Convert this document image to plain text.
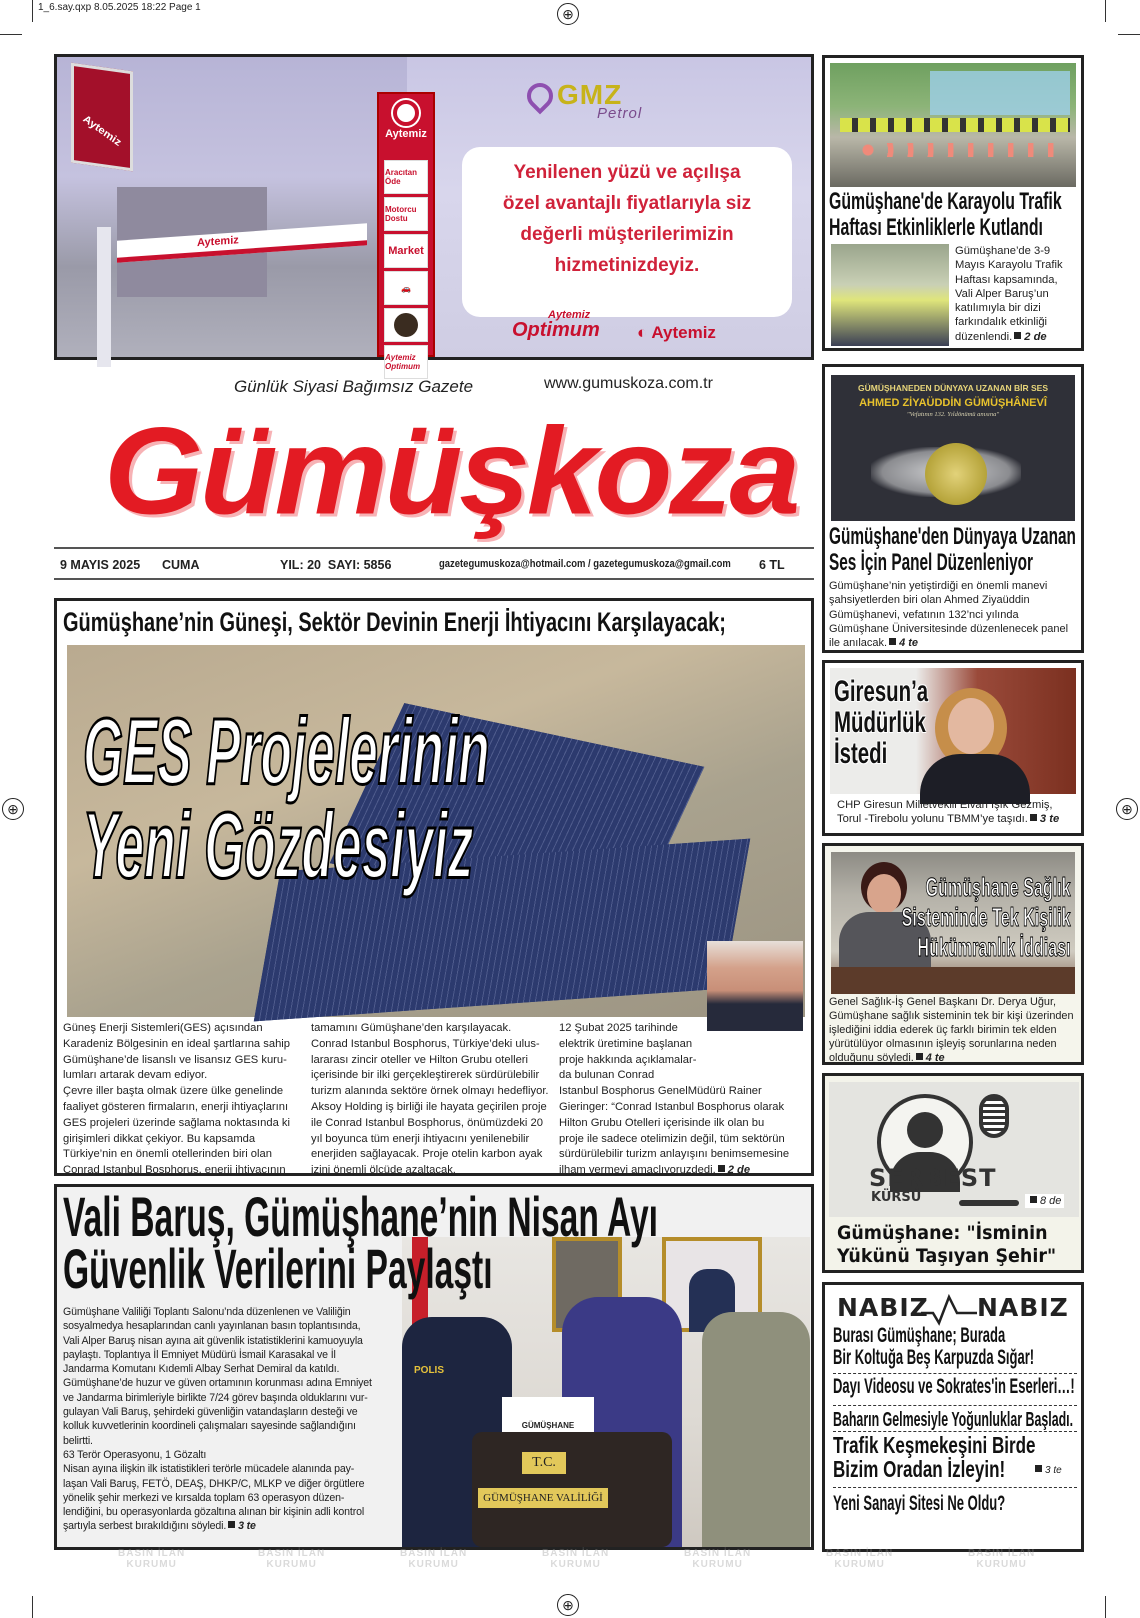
1_6.say.qxp 8.05.2025 18:22 Page 1	⊕
⊕
⊕	⊕
Aytemiz
Aytemiz
Aytemiz
Aracıtan Öde
Motorcu Dostu
Market
🚗
Aytemiz Optimum
GMZ
Petrol
Yenilenen yüzü ve açılışa
özel avantajlı fiyatlarıyla siz
değerli müşterilerimizin
hizmetinizdeyiz.
Aytemiz
Optimum ◐ Aytemiz
Günlük Siyasi Bağımsız Gazete	www.gumuskoza.com.tr
Gümüşkoza
9 MAYIS 2025 CUMA	YIL: 20  SAYI: 5856	gazetegumuskoza@hotmail.com / gazetegumuskoza@gmail.com 6 TL
Gümüşhane’nin Güneşi, Sektör Devinin Enerji İhtiyacını Karşılayacak;
GES Projelerinin
Yeni Gözdesiyiz
Güneş Enerji Sistemleri(GES) açısından
Karadeniz Bölgesinin en ideal şartlarına sahip
Gümüşhane’de lisanslı ve lisansız GES kuru-
lumları artarak devam ediyor.
Çevre iller başta olmak üzere ülke genelinde
faaliyet gösteren firmaların, enerji ihtiyaçlarını
GES projeleri üzerinde sağlama noktasında ki
girişimleri dikkat çekiyor. Bu kapsamda
Türkiye’nin en önemli otellerinden biri olan
Conrad Istanbul Bosphorus, enerji ihtiyacının
tamamını Gümüşhane’den karşılayacak.
Conrad Istanbul Bosphorus, Türkiye’deki ulus-
lararası zincir oteller ve Hilton Grubu otelleri
içerisinde bir ilki gerçekleştirerek sürdürülebilir
turizm alanında sektöre örnek olmayı hedefliyor.
Aksoy Holding iş birliği ile hayata geçirilen proje
ile Conrad Istanbul Bosphorus, önümüzdeki 20
yıl boyunca tüm enerji ihtiyacını yenilenebilir
enerjiden sağlayacak. Proje otelin karbon ayak
izini önemli ölçüde azaltacak.
12 Şubat 2025 tarihinde
elektrik üretimine başlanan
proje hakkında açıklamalar-
da bulunan Conrad
Istanbul Bosphorus GenelMüdürü Rainer
Gieringer: “Conrad Istanbul Bosphorus olarak
Hilton Grubu Otelleri içerisinde ilk olan bu
proje ile sadece otelimizin değil, tüm sektörün
sürdürülebilir turizm anlayışını benimsemesine
ilham vermeyi amaçlıyoruzdedi. 2 de
POLIS
GÜMÜŞHANE
T.C.
GÜMÜŞHANE VALİLİĞİ
Vali Baruş, Gümüşhane’nin Nisan Ayı
Güvenlik Verilerini Paylaştı
Gümüşhane Valiliği Toplantı Salonu’nda düzenlenen ve Valiliğin
sosyalmedya hesaplarından canlı yayınlanan basın toplantısında,
Vali Alper Baruş nisan ayına ait güvenlik istatistiklerini kamuoyuyla
paylaştı. Toplantıya İl Emniyet Müdürü İsmail Karasakal ve İl
Jandarma Komutanı Kıdemli Albay Serhat Demiral da katıldı.
Gümüşhane’de huzur ve güven ortamının korunması adına Emniyet
ve Jandarma birimleriyle birlikte 7/24 görev başında olduklarını vur-
gulayan Vali Baruş, şehirdeki güvenliğin vatandaşların desteği ve
kolluk kuvvetlerinin koordineli çalışmaları sayesinde sağlandığını
belirtti.
63 Terör Operasyonu, 1 Gözaltı
Nisan ayına ilişkin ilk istatistikleri terörle mücadele alanında pay-
laşan Vali Baruş, FETÖ, DEAŞ, DHKP/C, MLKP ve diğer örgütlere
yönelik şehir merkezi ve kırsalda toplam 63 operasyon düzen-
lendiğini, bu operasyonlarda gözaltına alınan bir kişinin adli kontrol
şartıyla serbest bırakıldığını söyledi. 3 te
Gümüşhane'de Karayolu Trafik
Haftası Etkinliklerle Kutlandı
Gümüşhane’de 3-9
Mayıs Karayolu Trafik
Haftası kapsamında,
Vali Alper Baruş’un
katılımıyla bir dizi
farkındalık etkinliği
düzenlendi. 2 de
GÜMÜŞHANEDEN DÜNYAYA UZANAN BİR SES
AHMED ZİYAÜDDİN GÜMÜŞHÂNEVÎ
"Vefatının 132. Yıldönümü anısına"
Gümüşhane'den Dünyaya Uzanan
Ses İçin Panel Düzenleniyor
Gümüşhane’nin yetiştirdiği en önemli manevi
şahsiyetlerden biri olan Ahmed Ziyaüddin
Gümüşhanevi, vefatının 132’nci yılında
Gümüşhane Üniversitesinde düzenlenecek panel
ile anılacak. 4 te
Giresun’a
Müdürlük
İstedi
CHP Giresun Milletvekili Elvan Işık Gezmiş,
Torul -Tirebolu yolunu TBMM’ye taşıdı. 3 te
Gümüşhane Sağlık
Sisteminde Tek Kişilik
Hükümranlık İddiası
Genel Sağlık-İş Genel Başkanı Dr. Derya Uğur,
Gümüşhane sağlık sisteminin tek bir kişi üzerinden
işlediğini iddia ederek üç farklı birimin tek elden
yürütülüyor olmasının işleyiş sorunlarına neden
olduğunu söyledi. 4 te
SERBEST
KÜRSÜ	8 de
Gümüşhane: "İsminin
Yükünü Taşıyan Şehir"
NABIZ NABIZ
Burası Gümüşhane; Burada
Bir Koltuğa Beş Karpuzda Sığar!
Dayı Videosu ve Sokrates'in Eserleri…!
Baharın Gelmesiyle Yoğunluklar Başladı.
Trafik Keşmekeşini Birde
Bizim Oradan İzleyin!	3 te
Yeni Sanayi Sitesi Ne Oldu?
BASIN İLAN
KURUMU
BASIN İLAN
KURUMU
BASIN İLAN
KURUMU
BASIN İLAN
KURUMU
BASIN İLAN
KURUMU
BASIN İLAN
KURUMU
BASIN İLAN
KURUMU
